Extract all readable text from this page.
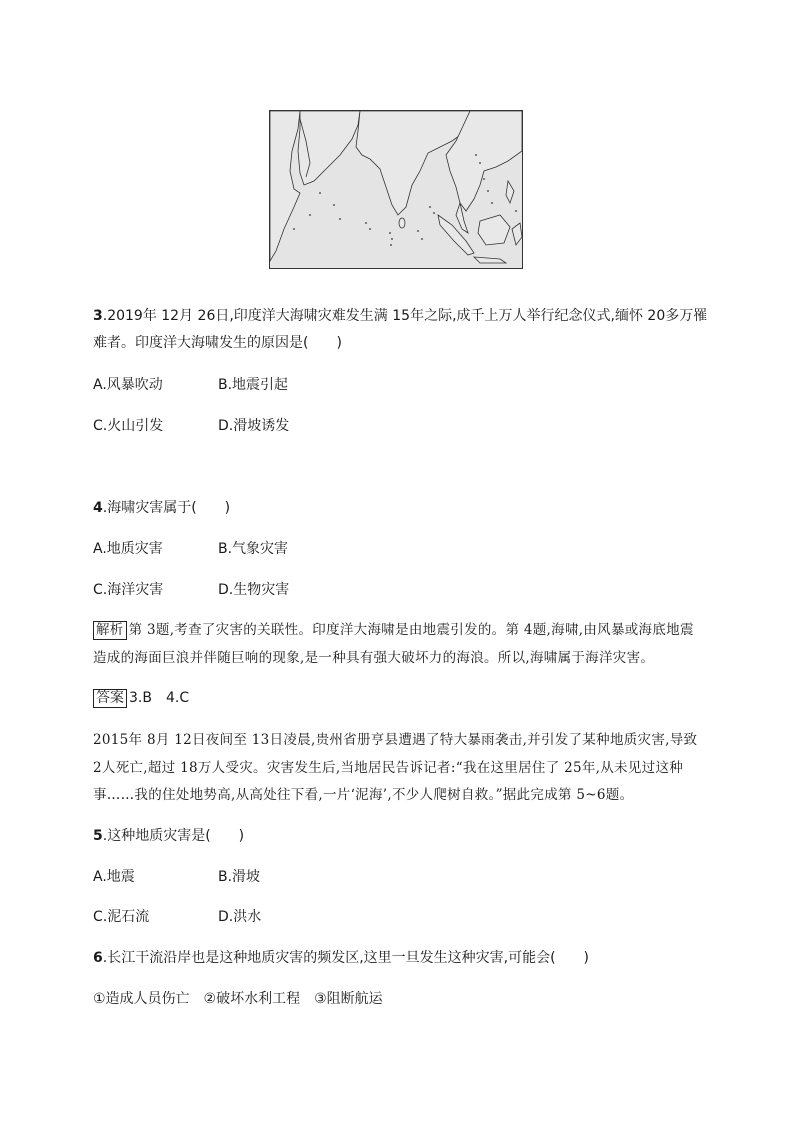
3.2019年 12月 26日,印度洋大海啸灾难发生满 15年之际,成千上万人举行纪念仪式,缅怀 20多万罹
难者。印度洋大海啸发生的原因是(　　)
A.风暴吹动	B.地震引起
C.火山引发	D.滑坡诱发
4.海啸灾害属于(　　)
A.地质灾害	B.气象灾害
C.海洋灾害	D.生物灾害
解析 第 3题,考查了灾害的关联性。印度洋大海啸是由地震引发的。第 4题,海啸,由风暴或海底地震
造成的海面巨浪并伴随巨响的现象,是一种具有强大破坏力的海浪。所以,海啸属于海洋灾害。
答案 3.B　4.C
2015年 8月 12日夜间至 13日凌晨,贵州省册亨县遭遇了特大暴雨袭击,并引发了某种地质灾害,导致
2人死亡,超过 18万人受灾。灾害发生后,当地居民告诉记者:“我在这里居住了 25年,从未见过这种
事……我的住处地势高,从高处往下看,一片‘泥海’,不少人爬树自救。”据此完成第 5~6题。
5.这种地质灾害是(　　)
A.地震	B.滑坡
C.泥石流	D.洪水
6.长江干流沿岸也是这种地质灾害的频发区,这里一旦发生这种灾害,可能会(　　)
①造成人员伤亡　②破坏水利工程　③阻断航运
